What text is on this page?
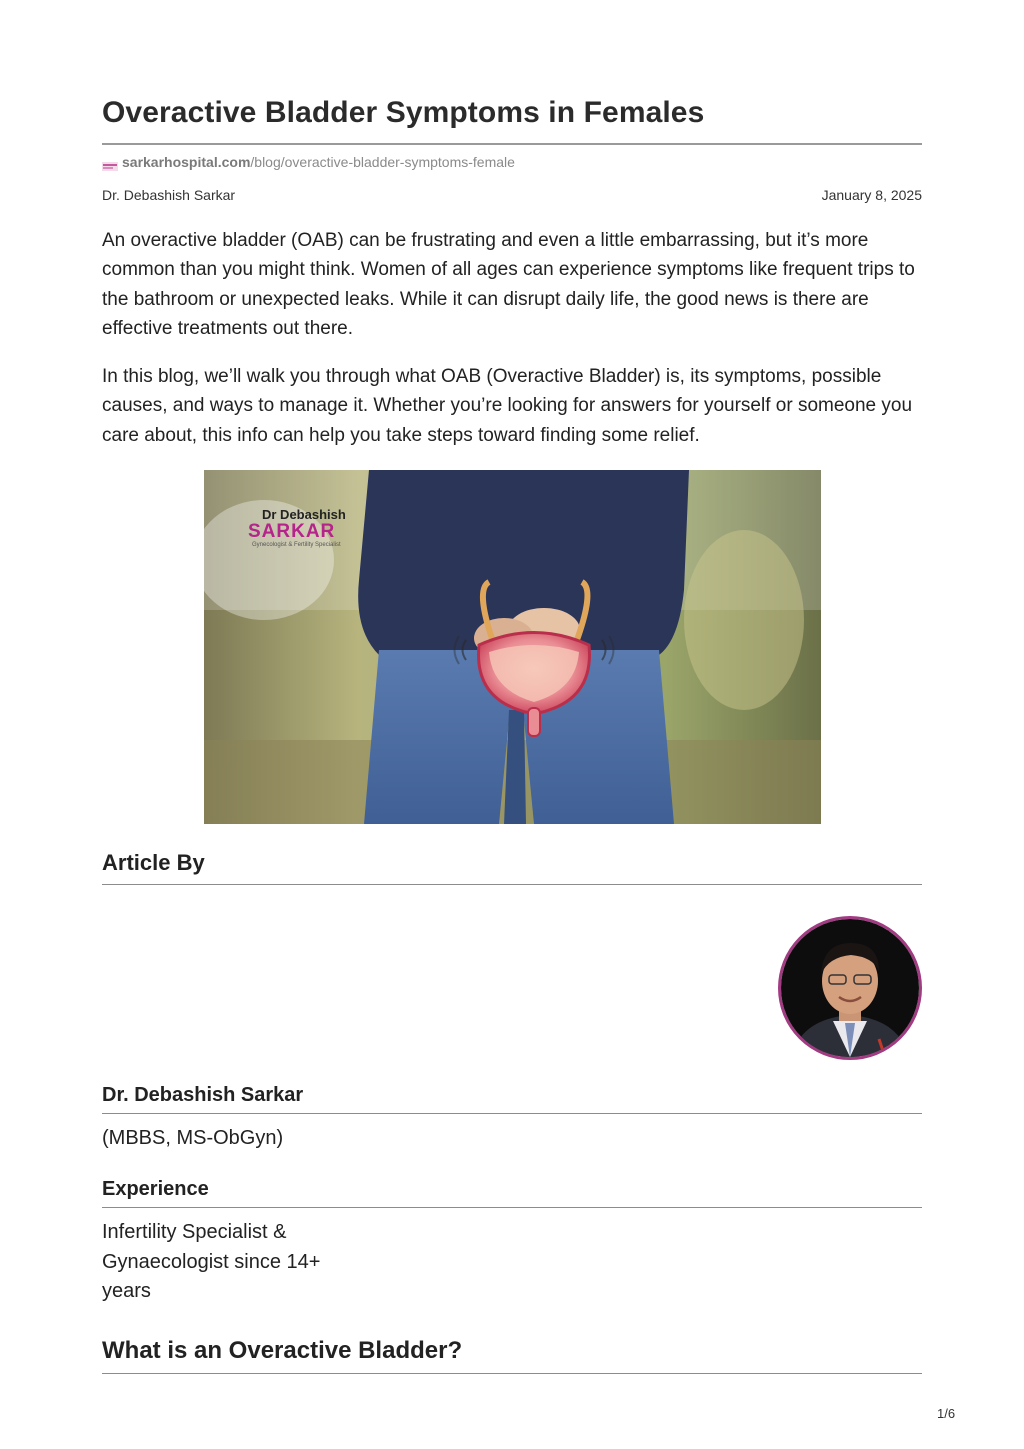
Overactive Bladder Symptoms in Females
sarkarhospital.com /blog/overactive-bladder-symptoms-female
Dr. Debashish Sarkar	January 8, 2025

An overactive bladder (OAB) can be frustrating and even a little embarrassing, but it’s more common than you might think. Women of all ages can experience symptoms like frequent trips to the bathroom or unexpected leaks. While it can disrupt daily life, the good news is there are effective treatments out there.

In this blog, we’ll walk you through what OAB (Overactive Bladder) is, its symptoms, possible causes, and ways to manage it. Whether you’re looking for answers for yourself or someone you care about, this info can help you take steps toward finding some relief.

Dr Debashish
SARKAR
Gynecologist & Fertility Specialist
Article By
Dr. Debashish Sarkar
(MBBS, MS-ObGyn)
Experience
Infertility Specialist &
Gynaecologist since 14+
years
What is an Overactive Bladder?
1/6
